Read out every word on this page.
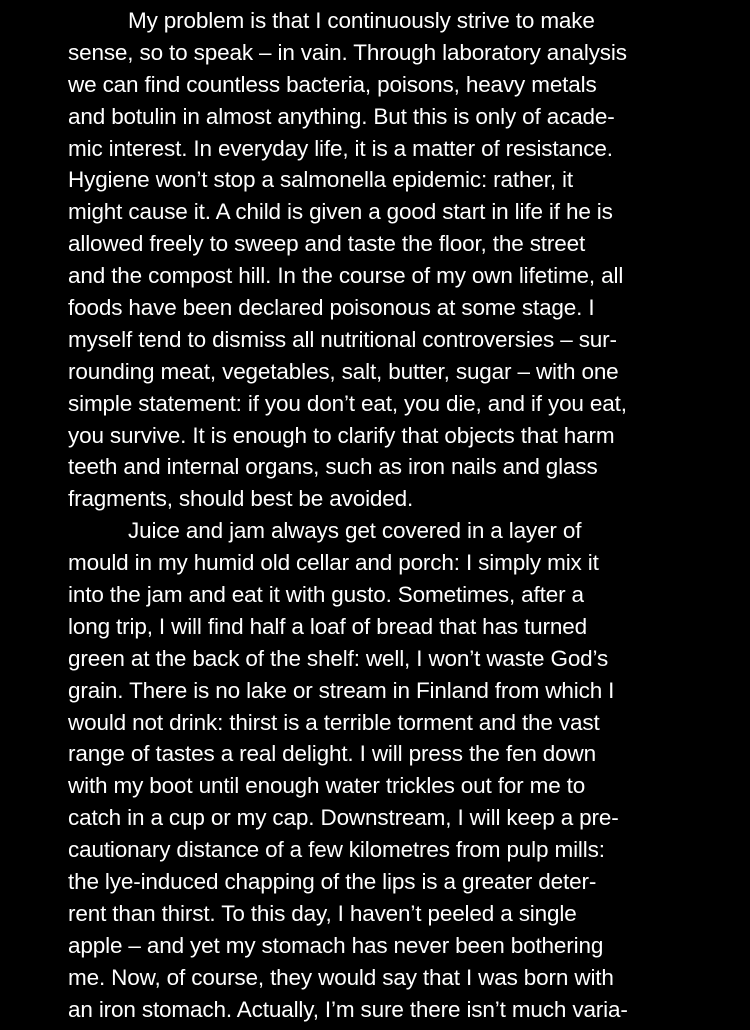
My problem is that I continuously strive to make
sense, so to speak – in vain. Through laboratory analysis
we can find countless bacteria, poisons, heavy metals
and botulin in almost anything. But this is only of acade-
mic interest. In everyday life, it is a matter of resistance.
Hygiene won’t stop a salmonella epidemic: rather, it
might cause it. A child is given a good start in life if he is
allowed freely to sweep and taste the floor, the street
and the compost hill. In the course of my own lifetime, all
foods have been declared poisonous at some stage. I
myself tend to dismiss all nutritional controversies – sur-
rounding meat, vegetables, salt, butter, sugar – with one
simple statement: if you don’t eat, you die, and if you eat,
you survive. It is enough to clarify that objects that harm
teeth and internal organs, such as iron nails and glass
fragments, should best be avoided.
Juice and jam always get covered in a layer of
mould in my humid old cellar and porch: I simply mix it
into the jam and eat it with gusto. Sometimes, after a
long trip, I will find half a loaf of bread that has turned
green at the back of the shelf: well, I won’t waste God’s
grain. There is no lake or stream in Finland from which I
would not drink: thirst is a terrible torment and the vast
range of tastes a real delight. I will press the fen down
with my boot until enough water trickles out for me to
catch in a cup or my cap. Downstream, I will keep a pre-
cautionary distance of a few kilometres from pulp mills:
the lye-induced chapping of the lips is a greater deter-
rent than thirst. To this day, I haven’t peeled a single
apple – and yet my stomach has never been bothering
me. Now, of course, they would say that I was born with
an iron stomach. Actually, I’m sure there isn’t much varia-
